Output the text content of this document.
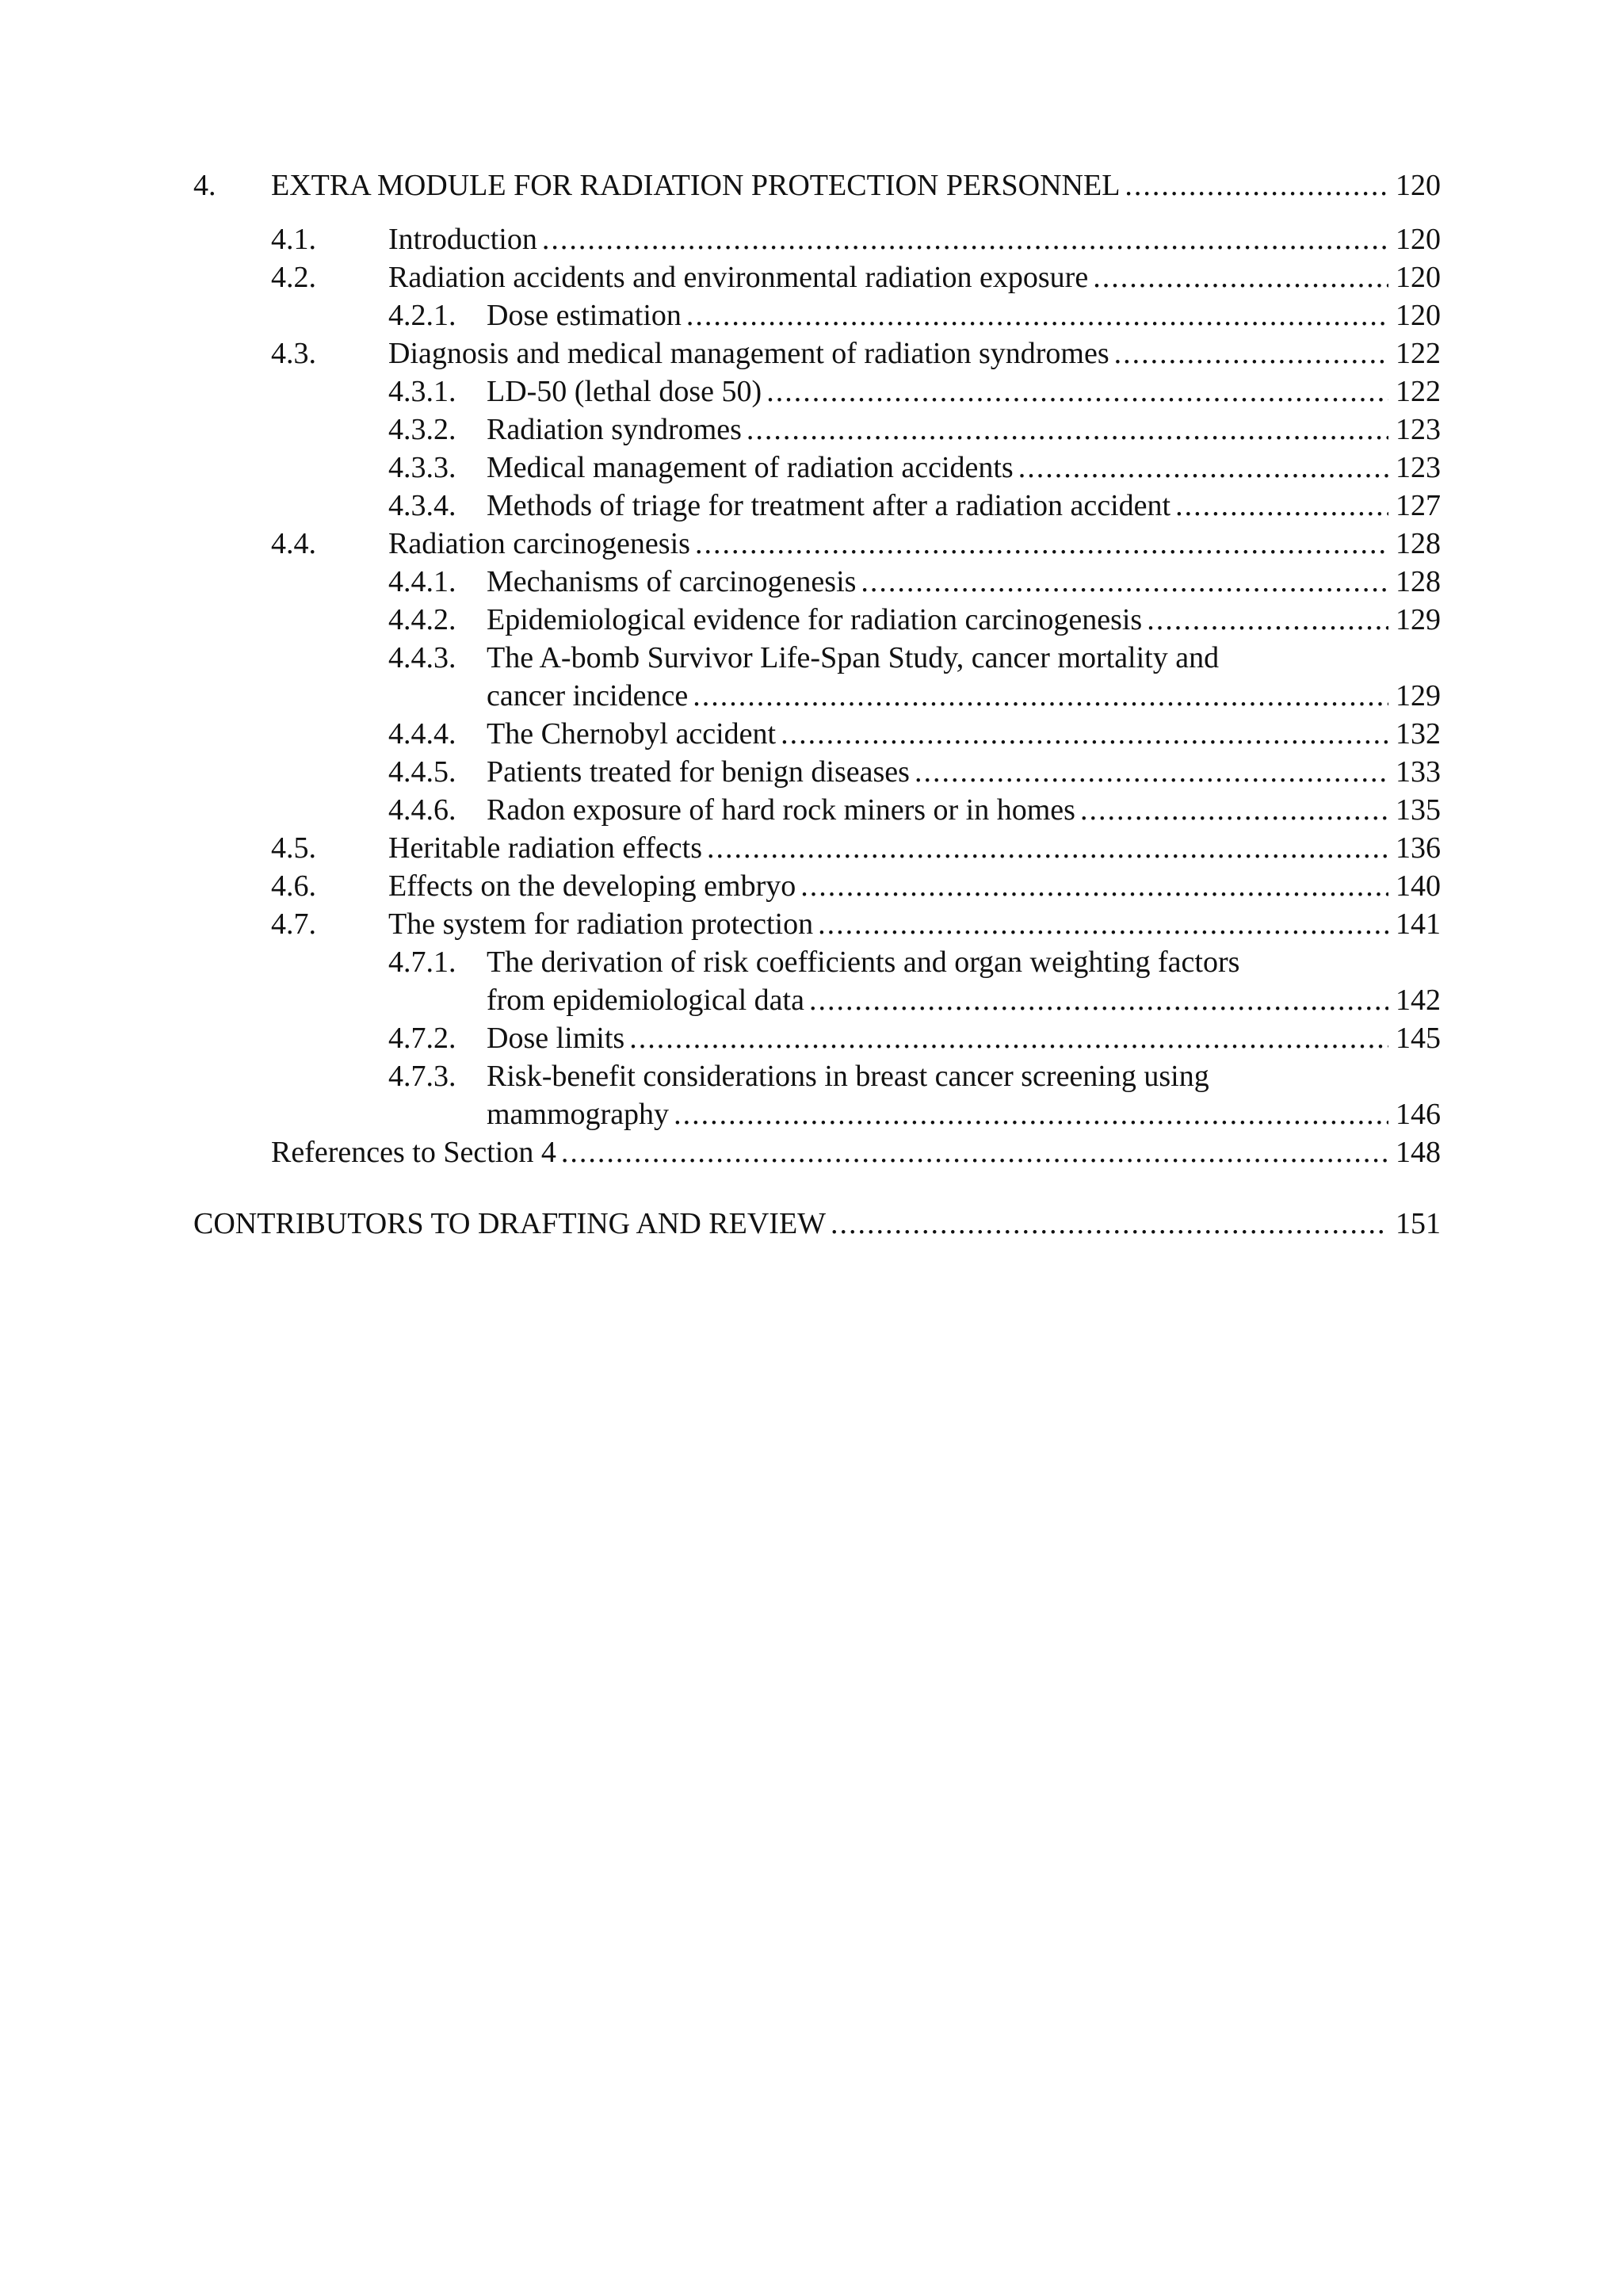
4. EXTRA MODULE FOR RADIATION PROTECTION PERSONNEL .....	120
4.1. Introduction .....	120
4.2. Radiation accidents and environmental radiation exposure .....	120
4.2.1. Dose estimation .....	120
4.3. Diagnosis and medical management of radiation syndromes .....	122
4.3.1. LD-50 (lethal dose 50) .....	122
4.3.2. Radiation syndromes .....	123
4.3.3. Medical management of radiation accidents .....	123
4.3.4. Methods of triage for treatment after a radiation accident .....	127
4.4. Radiation carcinogenesis .....	128
4.4.1. Mechanisms of carcinogenesis .....	128
4.4.2. Epidemiological evidence for radiation carcinogenesis .....	129
4.4.3. The A-bomb Survivor Life-Span Study, cancer mortality and
cancer incidence .....	129
4.4.4. The Chernobyl accident .....	132
4.4.5. Patients treated for benign diseases .....	133
4.4.6. Radon exposure of hard rock miners or in homes .....	135
4.5. Heritable radiation effects .....	136
4.6. Effects on the developing embryo .....	140
4.7. The system for radiation protection .....	141
4.7.1. The derivation of risk coefficients and organ weighting factors
from epidemiological data .....	142
4.7.2. Dose limits .....	145
4.7.3. Risk-benefit considerations in breast cancer screening using
mammography .....	146
References to Section 4 .....	148
CONTRIBUTORS TO DRAFTING AND REVIEW .....	151
